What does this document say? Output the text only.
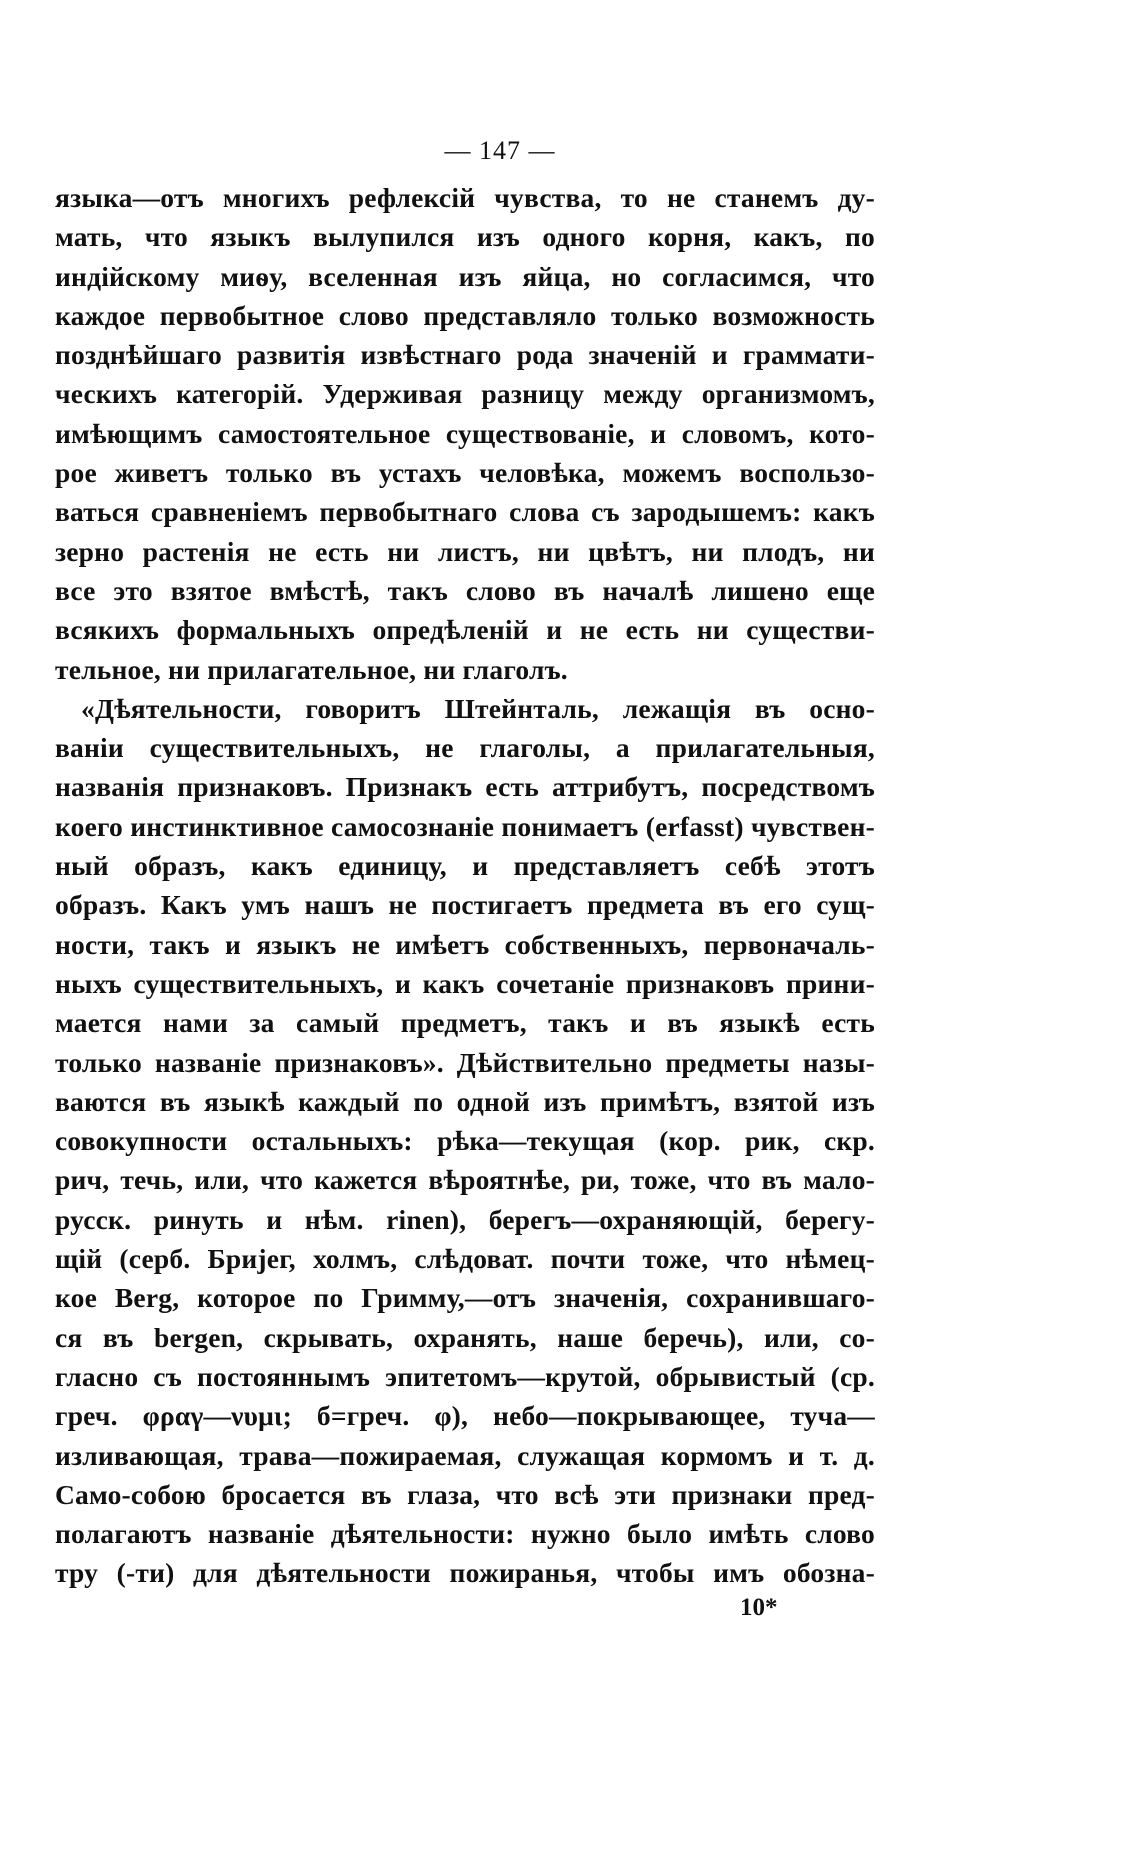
— 147 —
языка—отъ многихъ рефлексій чувства, то не станемъ ду-
мать, что языкъ вылупился изъ одного корня, какъ, по
индійскому миѳу, вселенная изъ яйца, но согласимся, что
каждое первобытное слово представляло только возможность
позднѣйшаго развитія извѣстнаго рода значеній и граммати-
ческихъ категорій. Удерживая разницу между организмомъ,
имѣющимъ самостоятельное существованіе, и словомъ, кото-
рое живетъ только въ устахъ человѣка, можемъ воспользо-
ваться сравненіемъ первобытнаго слова съ зародышемъ: какъ
зерно растенія не есть ни листъ, ни цвѣтъ, ни плодъ, ни
все это взятое вмѣстѣ, такъ слово въ началѣ лишено еще
всякихъ формальныхъ опредѣленій и не есть ни существи-
тельное, ни прилагательное, ни глаголъ.
«Дѣятельности, говоритъ Штейнталь, лежащія въ осно-
ваніи существительныхъ, не глаголы, а прилагательныя,
названія признаковъ. Признакъ есть аттрибутъ, посредствомъ
коего инстинктивное самосознаніе понимаетъ (erfasst) чувствен-
ный образъ, какъ единицу, и представляетъ себѣ этотъ
образъ. Какъ умъ нашъ не постигаетъ предмета въ его сущ-
ности, такъ и языкъ не имѣетъ собственныхъ, первоначаль-
ныхъ существительныхъ, и какъ сочетаніе признаковъ прини-
мается нами за самый предметъ, такъ и въ языкѣ есть
только названіе признаковъ». Дѣйствительно предметы назы-
ваются въ языкѣ каждый по одной изъ примѣтъ, взятой изъ
совокупности остальныхъ: рѣка—текущая (кор. рик, скр.
рич, течь, или, что кажется вѣроятнѣе, ри, тоже, что въ мало-
русск. ринуть и нѣм. rinen), берегъ—охраняющій, берегу-
щій (серб. Бриjег, холмъ, слѣдоват. почти тоже, что нѣмец-
кое Berg, которое по Гримму,—отъ значенія, сохранившаго-
ся въ bergen, скрывать, охранять, наше беречь), или, со-
гласно съ постояннымъ эпитетомъ—крутой, обрывистый (ср.
греч. φραγ—νυμι; б=греч. φ), небо—покрывающее, туча—
изливающая, трава—пожираемая, служащая кормомъ и т. д.
Само-собою бросается въ глаза, что всѣ эти признаки пред-
полагаютъ названіе дѣятельности: нужно было имѣть слово
тру (-ти) для дѣятельности пожиранья, чтобы имъ обозна-
10*
